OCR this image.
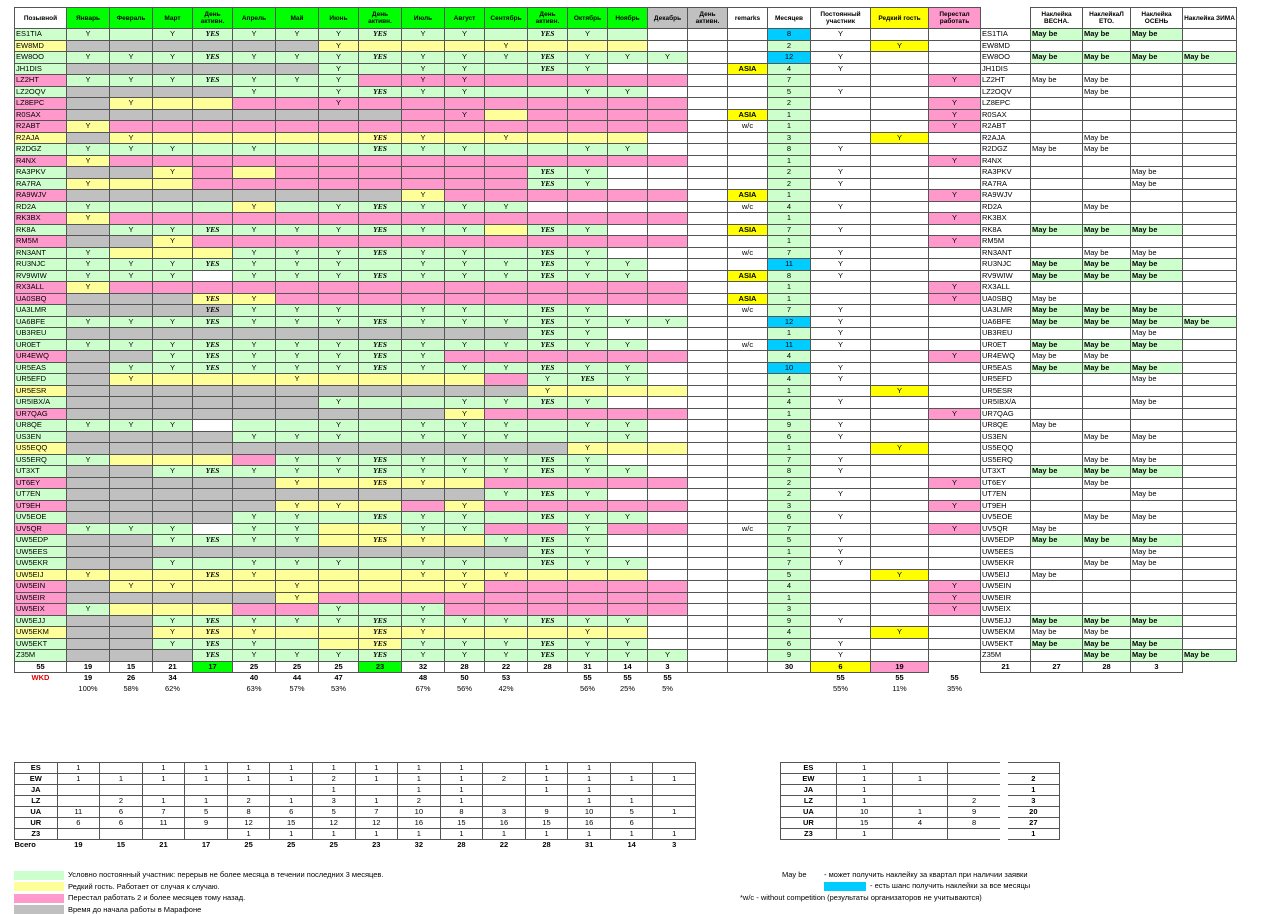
Позывной	Январь	Февраль	Март	День активн.	Апрель	Май	Июнь	День активн.	Июль	Август	Сентябрь	День активн.	Октябрь	Ноябрь	Декабрь	День активн.	remarks	Месяцев	Постоянный участник	Редкий гость	Перестал работать		Наклейка ВЕСНА.	НаклейкаЛ ЕТО.	Наклейка ОСЕНЬ	Наклейка ЗИМА
ES1TIA	Y		Y	YES	Y	Y	Y	YES	Y	Y		YES	Y					8	Y			ES1TIA	May be	May be	May be	
EW8MD							Y				Y							2		Y		EW8MD				
EW8OO	Y	Y	Y	YES	Y	Y	Y	YES	Y	Y	Y	YES	Y	Y	Y			12	Y			EW8OO	May be	May be	May be	May be
JH1DIS							Y		Y	Y		YES	Y				ASIA	4	Y			JH1DIS				
LZ2HT	Y	Y	Y	YES	Y	Y	Y		Y	Y								7			Y	LZ2HT	May be	May be		
LZ2OQV					Y		Y	YES	Y	Y			Y	Y				5	Y			LZ2OQV		May be		
LZ8EPC		Y					Y											2			Y	LZ8EPC				
R0SAX										Y							ASIA	1			Y	R0SAX				
R2ABT	Y																w/c	1			Y	R2ABT				
R2AJA		Y						YES	Y		Y							3		Y		R2AJA		May be		
R2DGZ	Y	Y	Y		Y			YES	Y	Y			Y	Y				8	Y			R2DGZ	May be	May be		
R4NX	Y																	1			Y	R4NX				
RA3PKV			Y									YES	Y					2	Y			RA3PKV			May be	
RA7RA	Y											YES	Y					2	Y			RA7RA			May be	
RA9WJV									Y								ASIA	1			Y	RA9WJV				
RD2A	Y				Y		Y	YES	Y	Y	Y						w/c	4	Y			RD2A		May be		
RK3BX	Y																	1			Y	RK3BX				
RK8A		Y	Y	YES	Y	Y	Y	YES	Y	Y		YES	Y				ASIA	7	Y			RK8A	May be	May be	May be	
RM5M			Y															1			Y	RM5M				
RN3ANT	Y				Y	Y	Y	YES	Y	Y		YES	Y				w/c	7	Y			RN3ANT		May be	May be	
RU3NJC	Y	Y	Y	YES	Y	Y	Y		Y	Y	Y	YES	Y	Y				11	Y			RU3NJC	May be	May be	May be	
RV9WIW	Y	Y	Y		Y	Y	Y	YES	Y	Y	Y	YES	Y	Y			ASIA	8	Y			RV9WIW	May be	May be	May be	
RX3ALL	Y																	1			Y	RX3ALL				
UA0SBQ				YES	Y												ASIA	1			Y	UA0SBQ	May be			
UA3LMR				YES	Y	Y	Y		Y	Y		YES	Y				w/c	7	Y			UA3LMR	May be	May be	May be	
UA6BFE	Y	Y	Y	YES	Y	Y	Y	YES	Y	Y	Y	YES	Y	Y	Y			12	Y			UA6BFE	May be	May be	May be	May be
UB3REU												YES	Y					1	Y			UB3REU			May be	
UR0ET	Y	Y	Y	YES	Y	Y	Y	YES	Y	Y	Y	YES	Y	Y			w/c	11	Y			UR0ET	May be	May be	May be	
UR4EWQ			Y	YES	Y	Y	Y	YES	Y									4			Y	UR4EWQ	May be	May be		
UR5EAS		Y	Y	YES	Y	Y	Y	YES	Y	Y	Y	YES	Y	Y				10	Y			UR5EAS	May be	May be	May be	
UR5EFD		Y				Y						Y	YES	Y				4	Y			UR5EFD			May be	
UR5ESR												Y						1		Y		UR5ESR				
UR5IBX/A							Y			Y	Y	YES	Y					4	Y			UR5IBX/A			May be	
UR7QAG										Y								1			Y	UR7QAG				
UR8QE	Y	Y	Y				Y		Y	Y	Y		Y	Y				9	Y			UR8QE	May be			
US3EN					Y	Y	Y		Y	Y	Y			Y				6	Y			US3EN		May be	May be	
US5EQQ													Y					1		Y		US5EQQ				
US5ERQ	Y					Y	Y	YES	Y	Y	Y	YES	Y					7	Y			US5ERQ		May be	May be	
UT3XT			Y	YES	Y	Y	Y	YES	Y	Y	Y	YES	Y	Y				8	Y			UT3XT	May be	May be	May be	
UT6EY						Y		YES	Y									2			Y	UT6EY		May be		
UT7EN											Y	YES	Y					2	Y			UT7EN			May be	
UT9EH						Y	Y			Y								3			Y	UT9EH				
UV5EOE					Y	Y		YES	Y	Y		YES	Y	Y				6	Y			UV5EOE		May be	May be	
UV5QR	Y	Y	Y		Y	Y			Y	Y			Y				w/c	7			Y	UV5QR	May be			
UW5EDP			Y	YES	Y	Y		YES	Y		Y	YES	Y					5	Y			UW5EDP	May be	May be	May be	
UW5EES												YES	Y					1	Y			UW5EES			May be	
UW5EKR			Y		Y	Y	Y		Y	Y		YES	Y	Y				7	Y			UW5EKR		May be	May be	
UW5EIJ	Y			YES	Y				Y	Y	Y							5		Y		UW5EIJ	May be			
UW5EIN		Y	Y			Y				Y								4			Y	UW5EIN				
UW5EIR						Y												1			Y	UW5EIR				
UW5EIX	Y						Y		Y									3			Y	UW5EIX				
UW5EJJ			Y	YES	Y	Y	Y	YES	Y	Y	Y	YES	Y	Y				9	Y			UW5EJJ	May be	May be	May be	
UW5EKM			Y	YES	Y			YES	Y				Y					4		Y		UW5EKM	May be	May be		
UW5EKT			Y	YES	Y			YES	Y	Y	Y	YES	Y	Y				6	Y			UW5EKT	May be	May be	May be	
Z35M				YES	Y	Y	Y	YES	Y	Y	Y	YES	Y	Y	Y			9	Y			Z35M		May be	May be	May be
55	19	15	21	17	25	25	25	23	32	28	22	28	31	14	3			30	6	19		21	27	28	3	
WKD	19	26	34		40	44	47		48	50	53		55	55	55				55	55	55					
	100%	58%	62%		63%	57%	53%		67%	56%	42%		56%	25%	5%				55%	11%	35%					
ES	1		1	1	1	1	1	1	1	1		1	1		
EW	1	1	1	1	1	1	2	1	1	1	2	1	1	1	1
JA							1		1	1		1	1		
LZ		2	1	1	2	1	3	1	2	1			1	1	
UA	11	6	7	5	8	6	5	7	10	8	3	9	10	5	1
UR	6	6	11	9	12	15	12	12	16	15	16	15	16	6	
Z3					1	1	1	1	1	1	1	1	1	1	1
Всего	19	15	21	17	25	25	25	23	32	28	22	28	31	14	3
ES	1			
EW	1	1		2
JA	1			1
LZ	1		2	3
UA	10	1	9	20
UR	15	4	8	27
Z3	1			1
Условно постоянный участник: перерыв не более месяца в течении последних 3 месяцев.
Редкий гость. Работает от случая к случаю.
Перестал работать 2 и более месяцев тому назад.
Время до начала работы в Марафоне
May be - может получить наклейку за квартал при наличии заявки
- есть шанс получить наклейки за все месяцы
*w/c - without competition (результаты организаторов не учитываются)
